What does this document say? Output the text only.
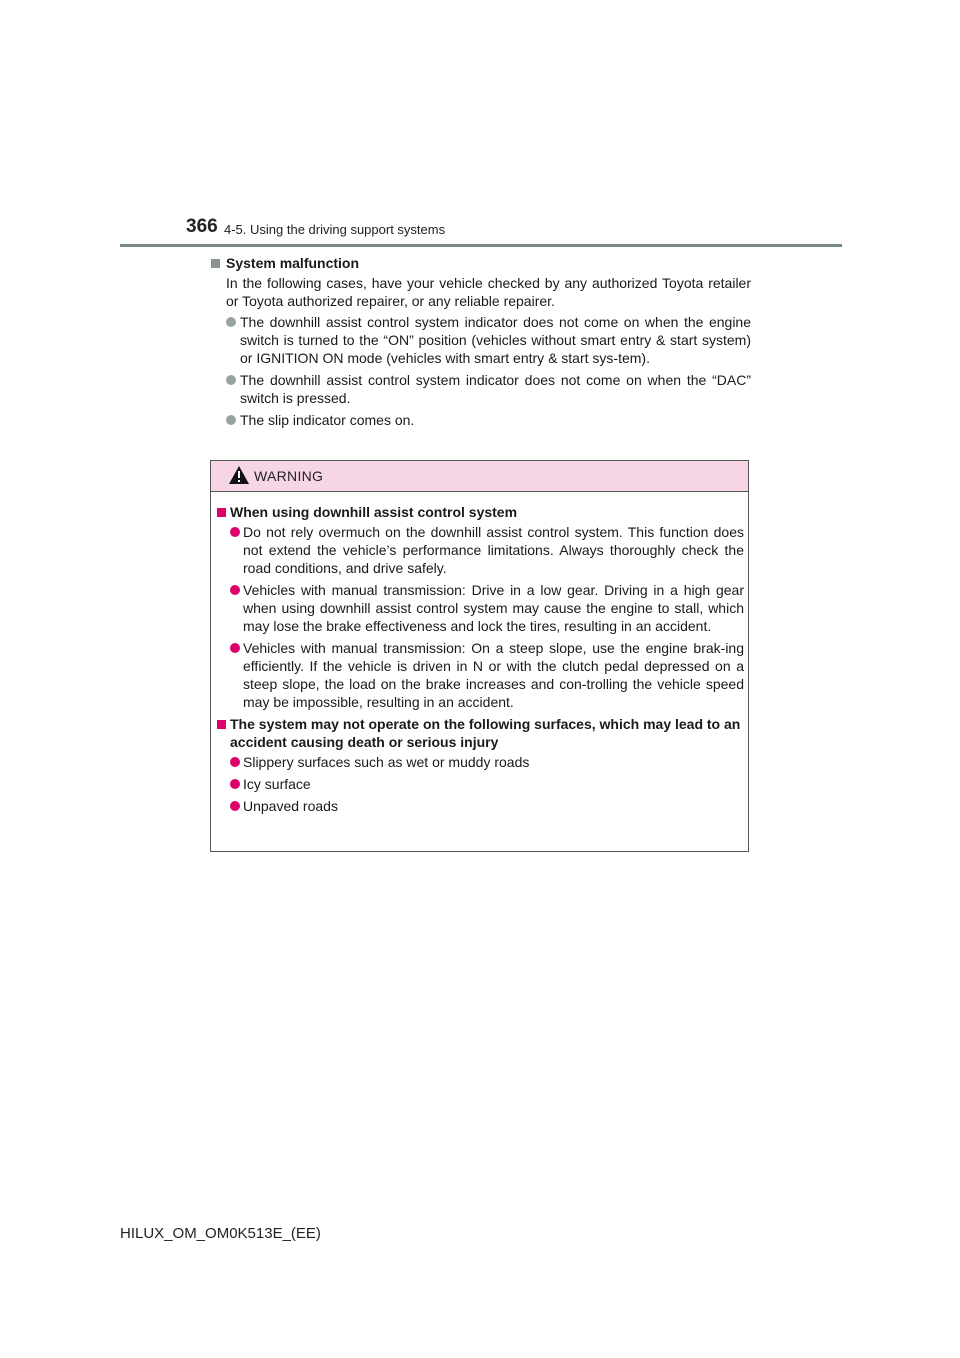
366 4-5. Using the driving support systems
System malfunction
In the following cases, have your vehicle checked by any authorized Toyota retailer or Toyota authorized repairer, or any reliable repairer.
The downhill assist control system indicator does not come on when the engine switch is turned to the “ON” position (vehicles without smart entry & start system) or IGNITION ON mode (vehicles with smart entry & start sys-tem).
The downhill assist control system indicator does not come on when the “DAC” switch is pressed.
The slip indicator comes on.
WARNING
When using downhill assist control system
Do not rely overmuch on the downhill assist control system. This function does not extend the vehicle’s performance limitations. Always thoroughly check the road conditions, and drive safely.
Vehicles with manual transmission: Drive in a low gear. Driving in a high gear when using downhill assist control system may cause the engine to stall, which may lose the brake effectiveness and lock the tires, resulting in an accident.
Vehicles with manual transmission: On a steep slope, use the engine brak-ing efficiently. If the vehicle is driven in N or with the clutch pedal depressed on a steep slope, the load on the brake increases and con-trolling the vehicle speed may be impossible, resulting in an accident.
The system may not operate on the following surfaces, which may lead to an accident causing death or serious injury
Slippery surfaces such as wet or muddy roads
Icy surface
Unpaved roads
HILUX_OM_OM0K513E_(EE)
